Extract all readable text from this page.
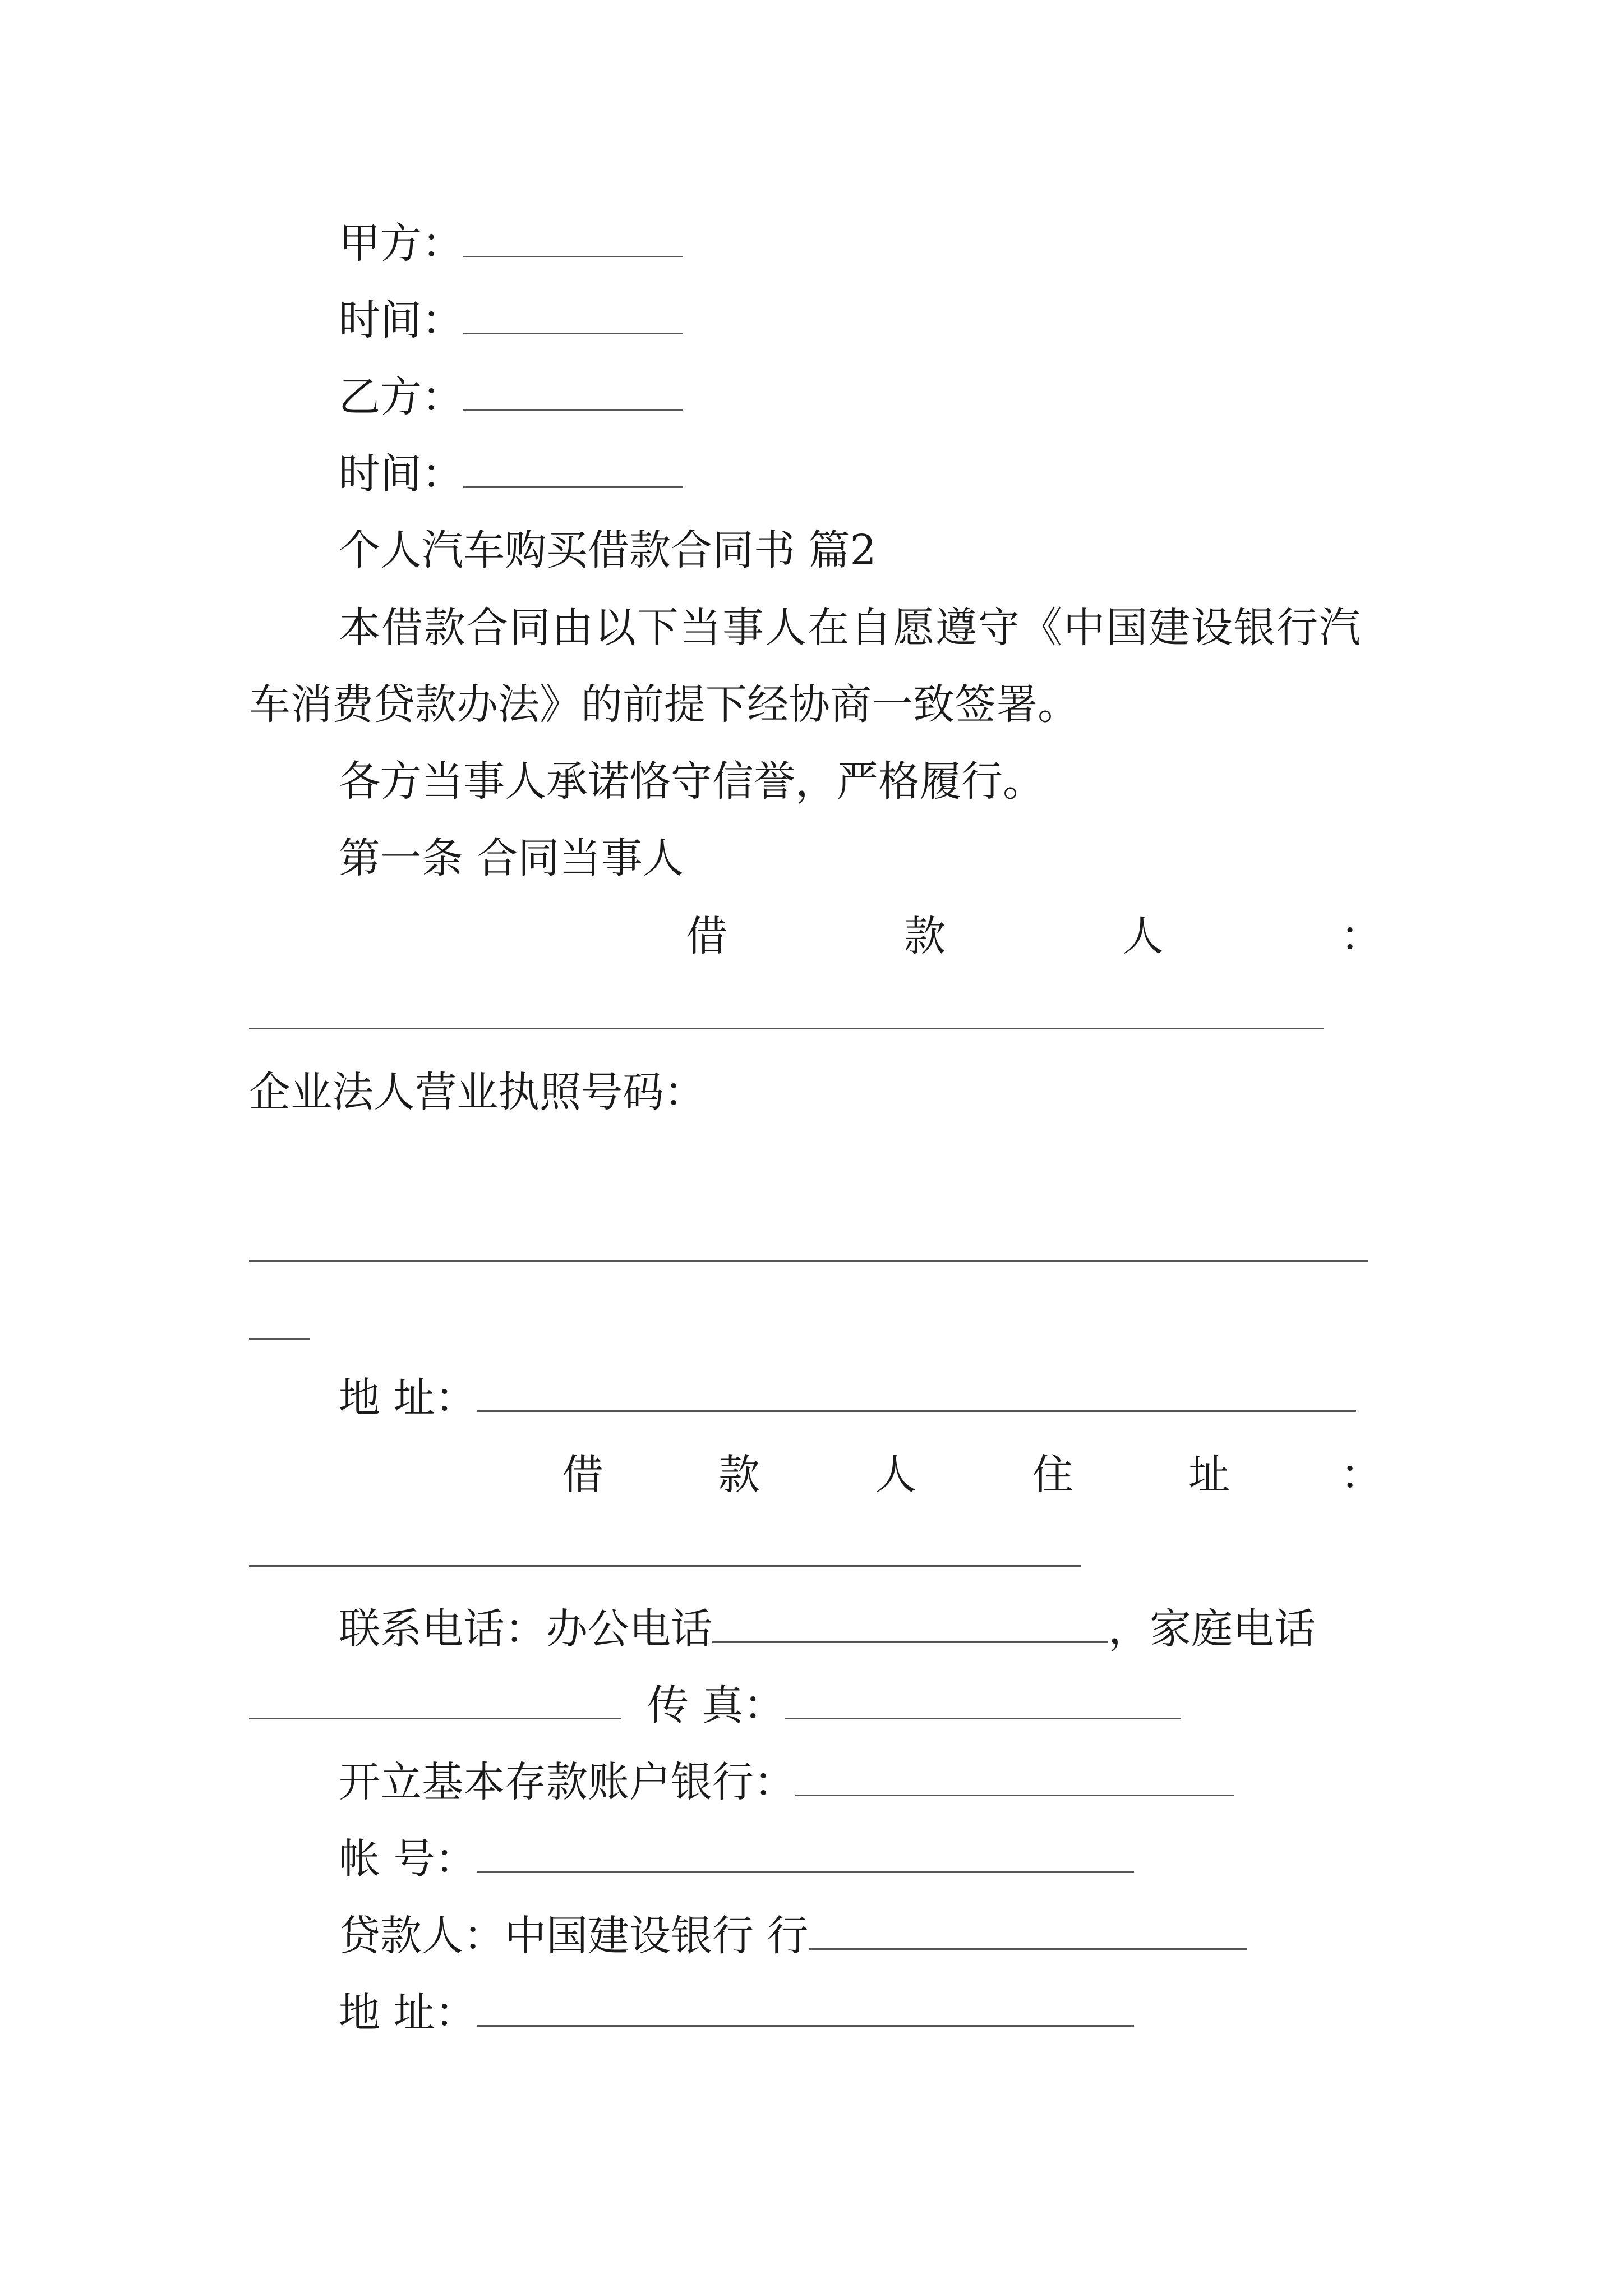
甲方：
时间：
乙方：
时间：
个人汽车购买借款合同书 篇2
本借款合同由以下当事人在自愿遵守《中国建设银行汽
车消费贷款办法》的前提下经协商一致签署。
各方当事人承诺恪守信誉，严格履行。
第一条 合同当事人
借	款	人	：
企业法人营业执照号码：
地 址：
借	款	人	住	址	：
联系电话：办公电话	，家庭电话
传 真：
开立基本存款账户银行：
帐 号：
贷款人：中国建设银行 行
地 址：
